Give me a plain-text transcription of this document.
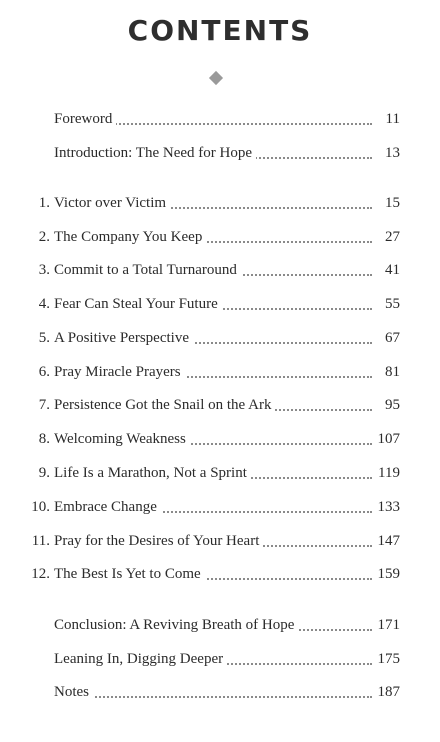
CONTENTS
Foreword	11
Introduction: The Need for Hope	13
1. Victor over Victim	15
2. The Company You Keep	27
3. Commit to a Total Turnaround	41
4. Fear Can Steal Your Future	55
5. A Positive Perspective	67
6. Pray Miracle Prayers	81
7. Persistence Got the Snail on the Ark	95
8. Welcoming Weakness	107
9. Life Is a Marathon, Not a Sprint	119
10. Embrace Change	133
11. Pray for the Desires of Your Heart	147
12. The Best Is Yet to Come	159
Conclusion: A Reviving Breath of Hope	171
Leaning In, Digging Deeper	175
Notes	187
